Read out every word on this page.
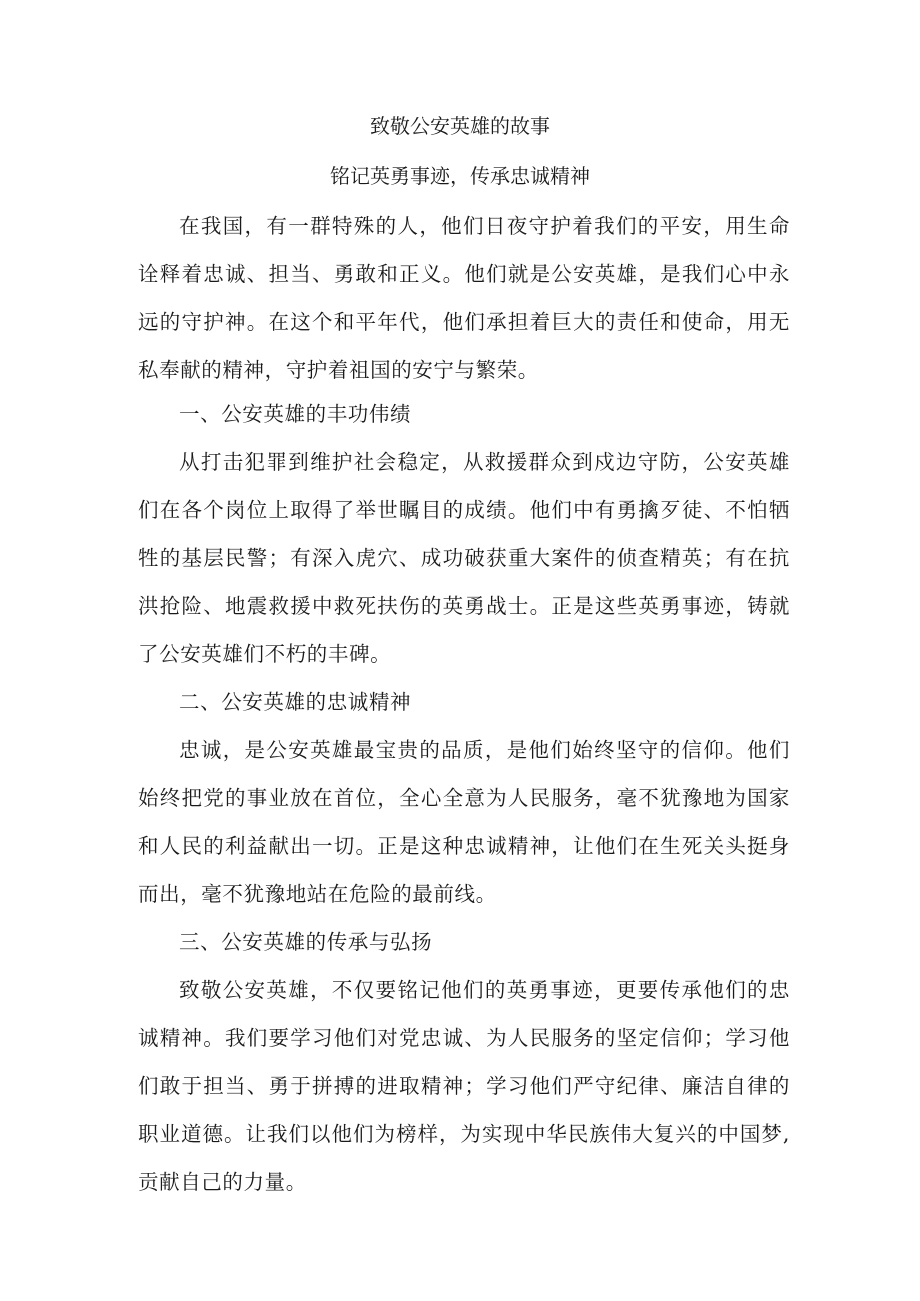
致敬公安英雄的故事
铭记英勇事迹，传承忠诚精神

在我国，有一群特殊的人，他们日夜守护着我们的平安，用生命诠释着忠诚、担当、勇敢和正义。他们就是公安英雄，是我们心中永远的守护神。在这个和平年代，他们承担着巨大的责任和使命，用无私奉献的精神，守护着祖国的安宁与繁荣。

一、公安英雄的丰功伟绩

从打击犯罪到维护社会稳定，从救援群众到戍边守防，公安英雄们在各个岗位上取得了举世瞩目的成绩。他们中有勇擒歹徒、不怕牺牲的基层民警；有深入虎穴、成功破获重大案件的侦查精英；有在抗洪抢险、地震救援中救死扶伤的英勇战士。正是这些英勇事迹，铸就了公安英雄们不朽的丰碑。

二、公安英雄的忠诚精神

忠诚，是公安英雄最宝贵的品质，是他们始终坚守的信仰。他们始终把党的事业放在首位，全心全意为人民服务，毫不犹豫地为国家和人民的利益献出一切。正是这种忠诚精神，让他们在生死关头挺身而出，毫不犹豫地站在危险的最前线。

三、公安英雄的传承与弘扬

致敬公安英雄，不仅要铭记他们的英勇事迹，更要传承他们的忠诚精神。我们要学习他们对党忠诚、为人民服务的坚定信仰；学习他们敢于担当、勇于拼搏的进取精神；学习他们严守纪律、廉洁自律的职业道德。让我们以他们为榜样，为实现中华民族伟大复兴的中国梦,贡献自己的力量。
